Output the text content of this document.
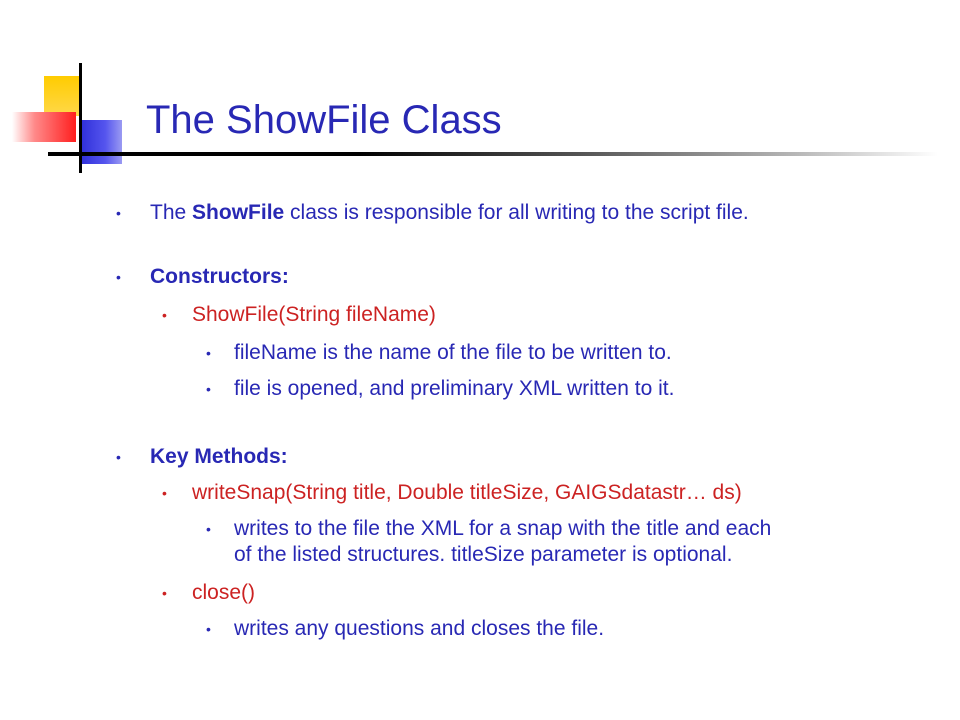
The ShowFile Class
• The ShowFile class is responsible for all writing to the script file.
• Constructors:
• ShowFile(String fileName)
• fileName is the name of the file to be written to.
• file is opened, and preliminary XML written to it.
• Key Methods:
• writeSnap(String title, Double titleSize, GAIGSdatastr… ds)
• writes to the file the XML for a snap with the title and each
of the listed structures. titleSize parameter is optional.
• close()
• writes any questions and closes the file.
